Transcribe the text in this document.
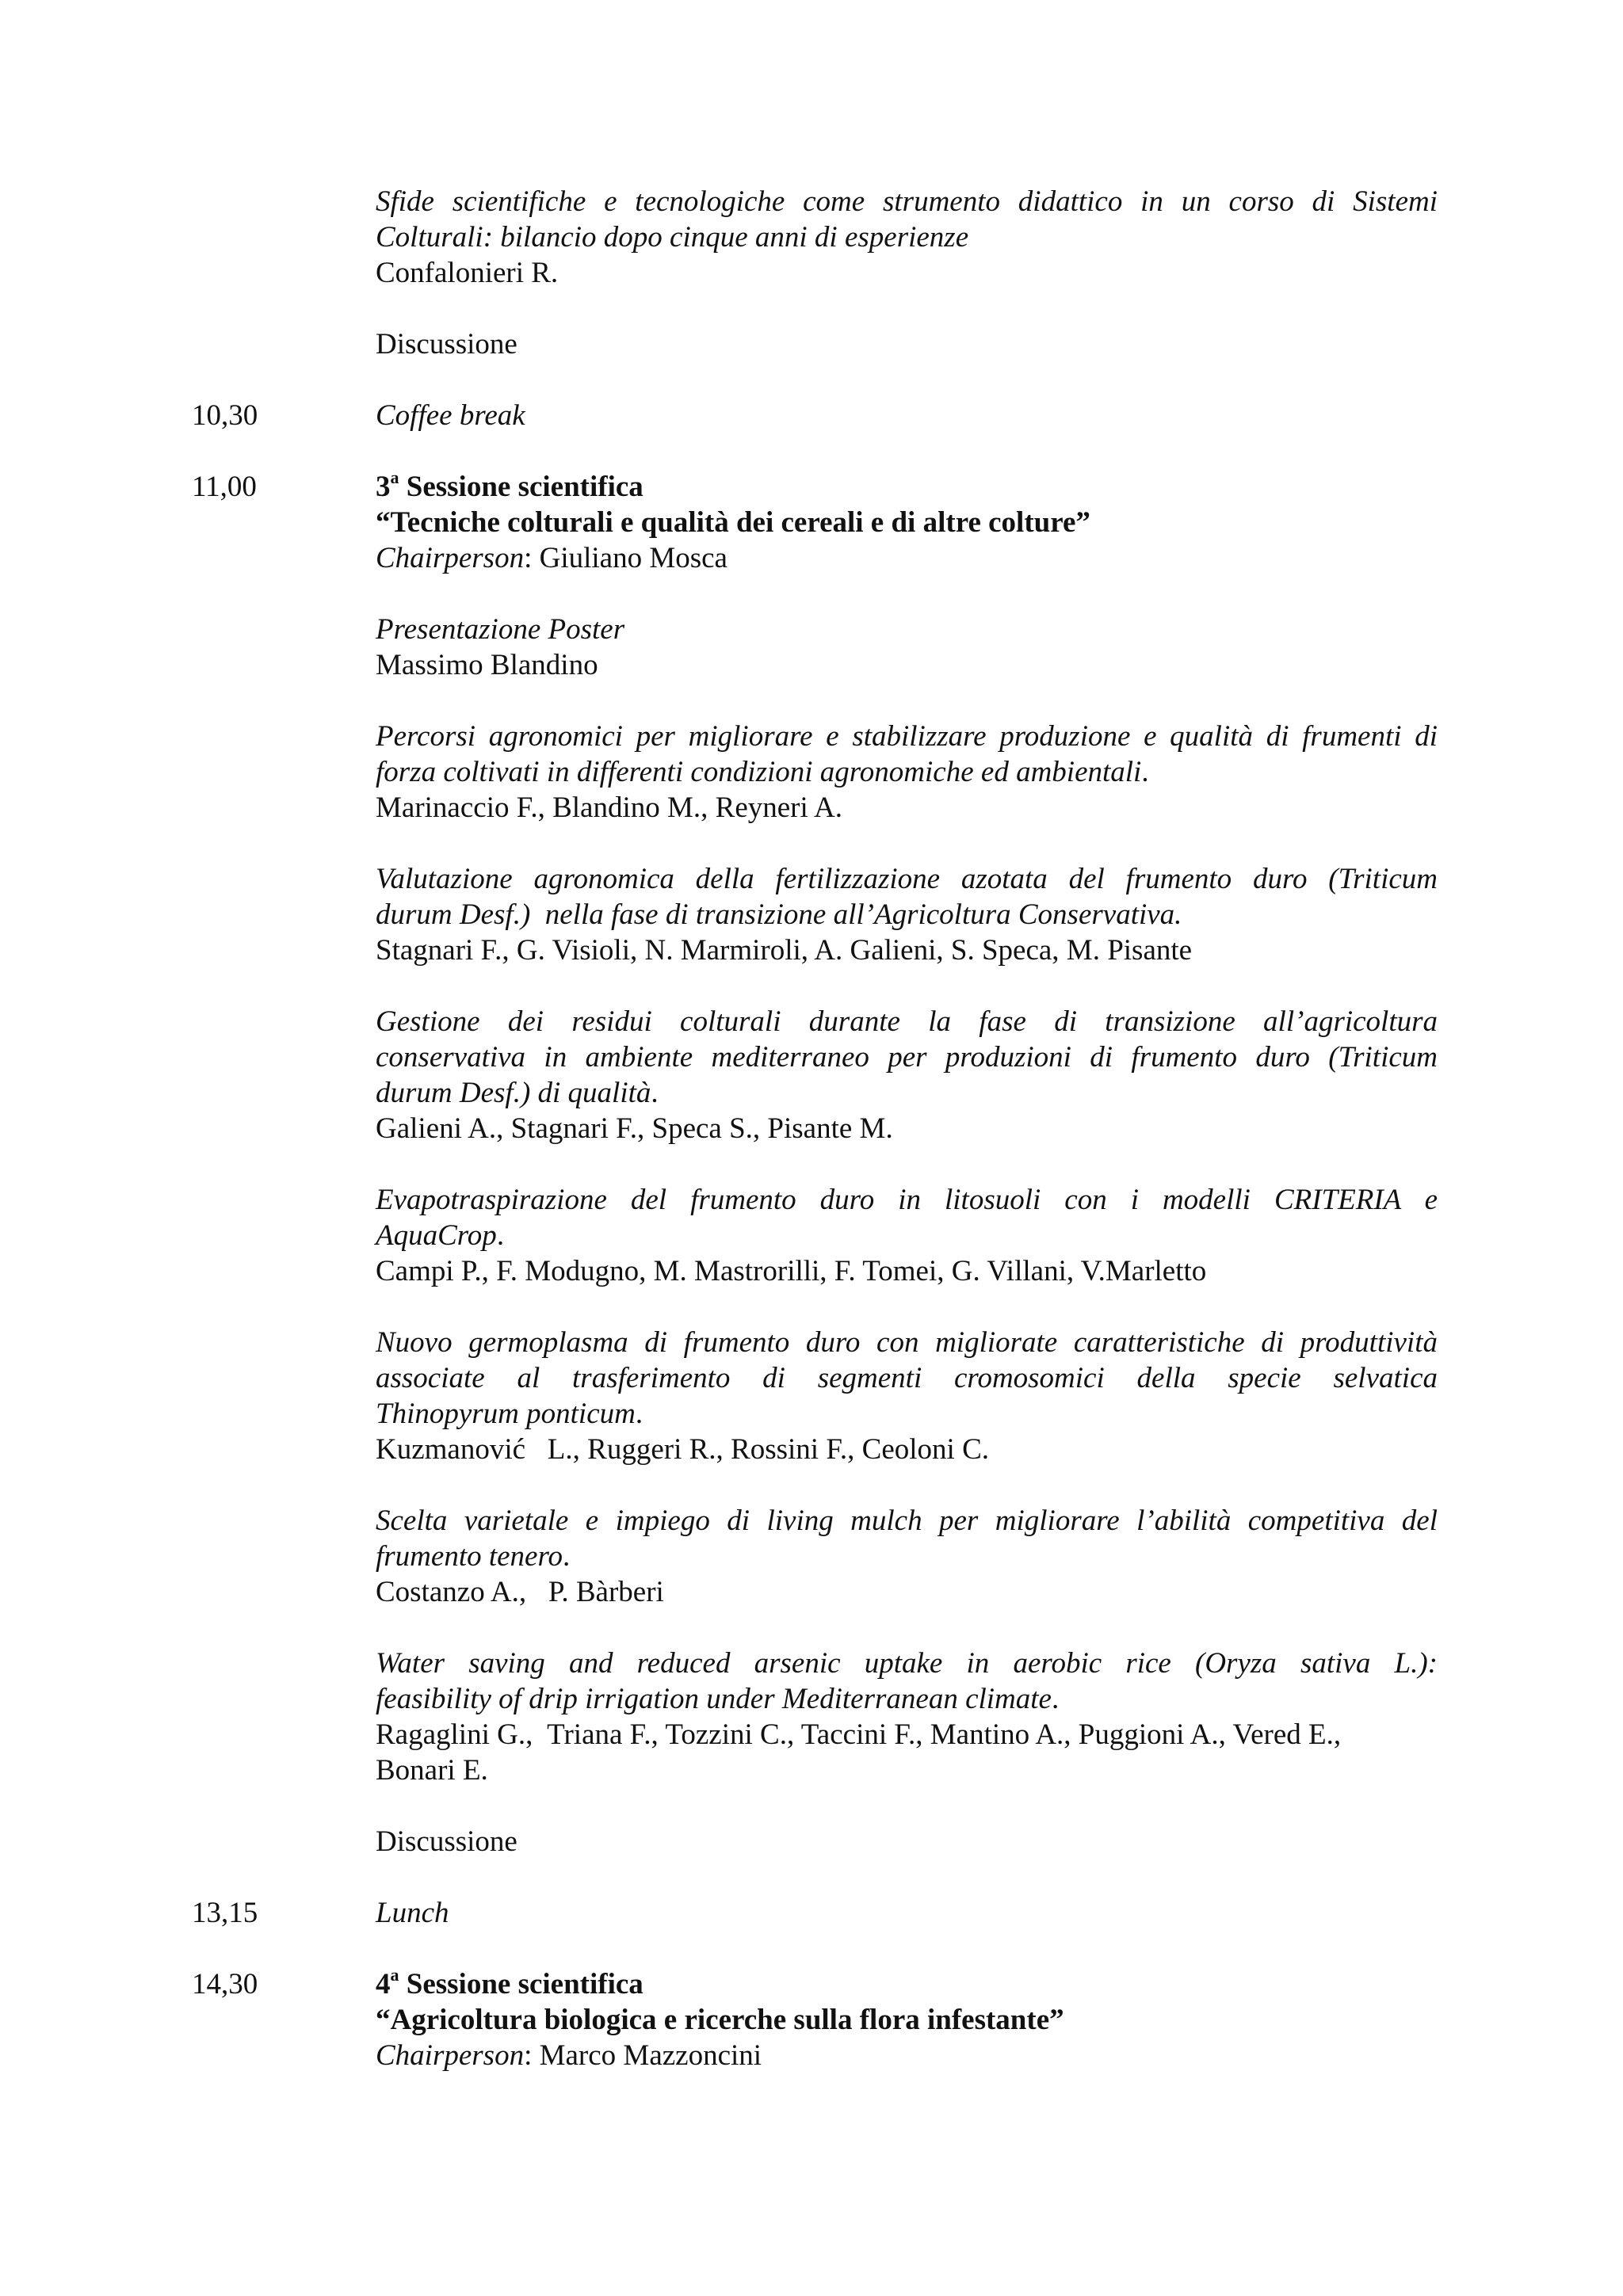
Sfide scientifiche e tecnologiche come strumento didattico in un corso di Sistemi

Colturali: bilancio dopo cinque anni di esperienze

Confalonieri R.

Discussione

10,30	Coffee break

11,00	3$^a$ Sessione scientifica

“Tecniche colturali e qualità dei cereali e di altre colture”

Chairperson: Giuliano Mosca

Presentazione Poster

Massimo Blandino

Percorsi agronomici per migliorare e stabilizzare produzione e qualità di frumenti di

forza coltivati in differenti condizioni agronomiche ed ambientali.

Marinaccio F., Blandino M., Reyneri A.

Valutazione agronomica della fertilizzazione azotata del frumento duro (Triticum

durum Desf.)  nella fase di transizione all’Agricoltura Conservativa.

Stagnari F., G. Visioli, N. Marmiroli, A. Galieni, S. Speca, M. Pisante

Gestione dei residui colturali durante la fase di transizione all’agricoltura

conservativa in ambiente mediterraneo per produzioni di frumento duro (Triticum

durum Desf.) di qualità.

Galieni A., Stagnari F., Speca S., Pisante M.

Evapotraspirazione del frumento duro in litosuoli con i modelli CRITERIA e

AquaCrop.

Campi P., F. Modugno, M. Mastrorilli, F. Tomei, G. Villani, V.Marletto

Nuovo germoplasma di frumento duro con migliorate caratteristiche di produttività

associate al trasferimento di segmenti cromosomici della specie selvatica

Thinopyrum ponticum.

Kuzmanović   L., Ruggeri R., Rossini F., Ceoloni C.

Scelta varietale e impiego di living mulch per migliorare l’abilità competitiva del

frumento tenero.

Costanzo A.,   P. Bàrberi

Water saving and reduced arsenic uptake in aerobic rice (Oryza sativa L.):

feasibility of drip irrigation under Mediterranean climate.

Ragaglini G.,  Triana F., Tozzini C., Taccini F., Mantino A., Puggioni A., Vered E.,

Bonari E.

Discussione

13,15	Lunch

14,30	4$^a$ Sessione scientifica

“Agricoltura biologica e ricerche sulla flora infestante”

Chairperson: Marco Mazzoncini
